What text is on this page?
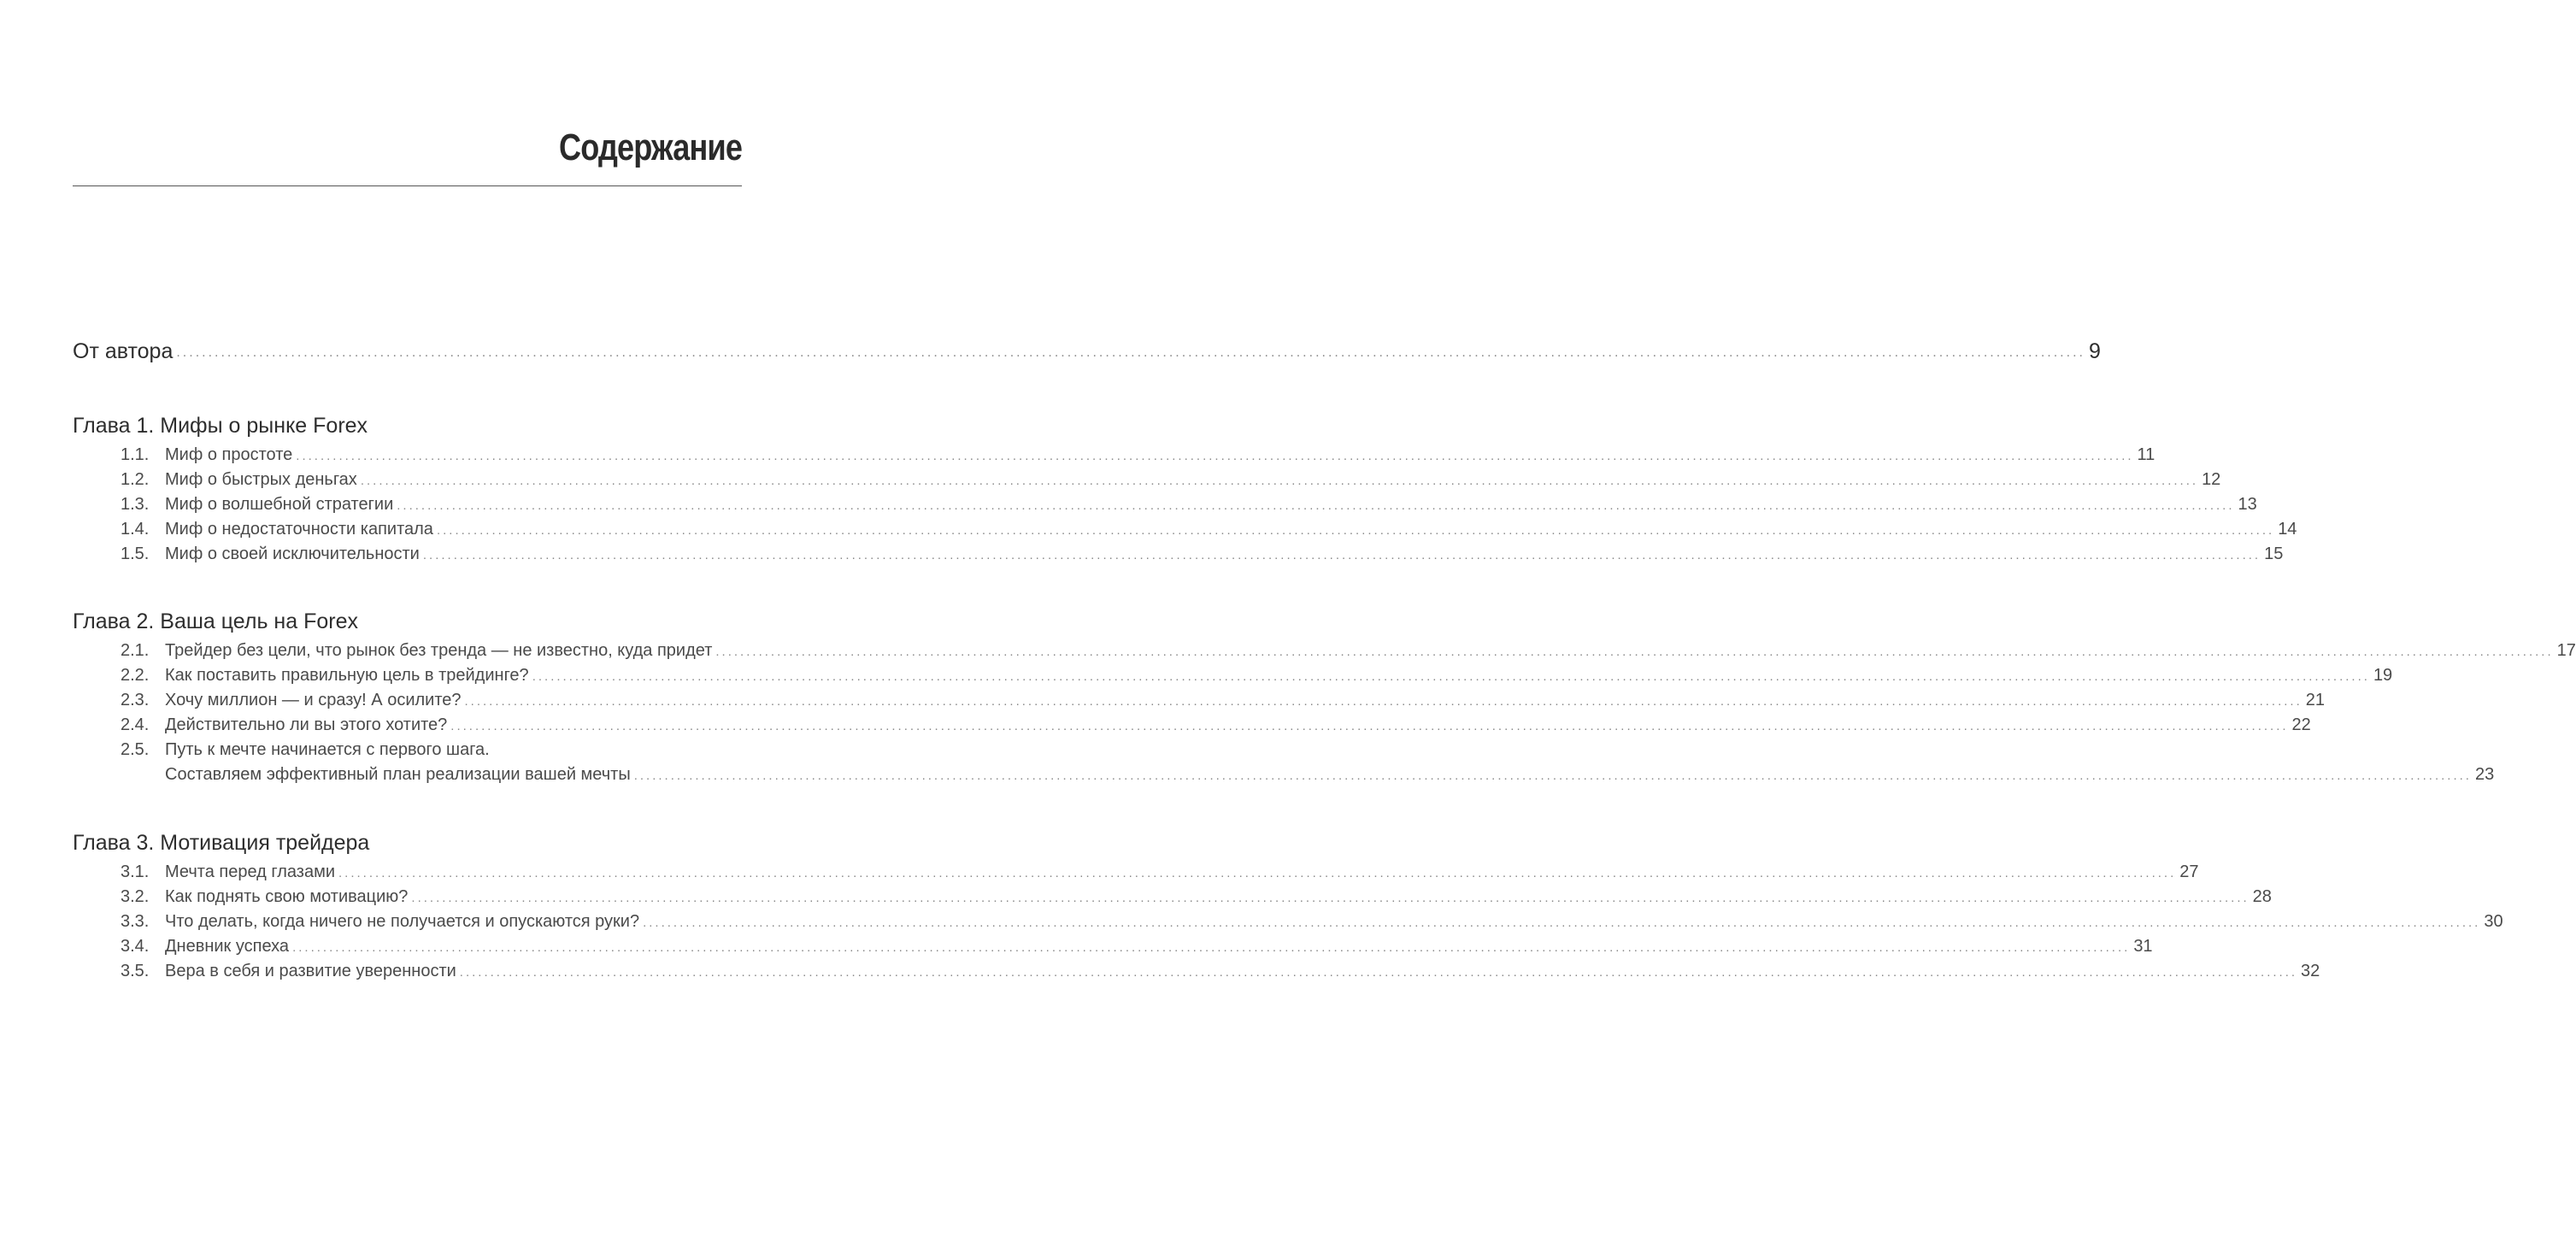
Содержание
От автора ............................................................................................................................................................................................................................................................................................................ 9
Глава 1. Мифы о рынке Forex
1.1. Миф о простоте ............................................................................................................................................................................................................................................................................................................ 11
1.2. Миф о быстрых деньгах ............................................................................................................................................................................................................................................................................................................ 12
1.3. Миф о волшебной стратегии ............................................................................................................................................................................................................................................................................................................ 13
1.4. Миф о недостаточности капитала ............................................................................................................................................................................................................................................................................................................ 14
1.5. Миф о своей исключительности ............................................................................................................................................................................................................................................................................................................ 15
Глава 2. Ваша цель на Forex
2.1. Трейдер без цели, что рынок без тренда — не известно, куда придет ............................................................................................................................................................................................................................................................................................................ 17
2.2. Как поставить правильную цель в трейдинге? ............................................................................................................................................................................................................................................................................................................ 19
2.3. Хочу миллион — и сразу! А осилите? ............................................................................................................................................................................................................................................................................................................ 21
2.4. Действительно ли вы этого хотите? ............................................................................................................................................................................................................................................................................................................ 22
2.5. Путь к мечте начинается с первого шага.
Составляем эффективный план реализации вашей мечты ............................................................................................................................................................................................................................................................................................................ 23
Глава 3. Мотивация трейдера
3.1. Мечта перед глазами ............................................................................................................................................................................................................................................................................................................ 27
3.2. Как поднять свою мотивацию? ............................................................................................................................................................................................................................................................................................................ 28
3.3. Что делать, когда ничего не получается и опускаются руки? ............................................................................................................................................................................................................................................................................................................ 30
3.4. Дневник успеха ............................................................................................................................................................................................................................................................................................................ 31
3.5. Вера в себя и развитие уверенности ............................................................................................................................................................................................................................................................................................................ 32
